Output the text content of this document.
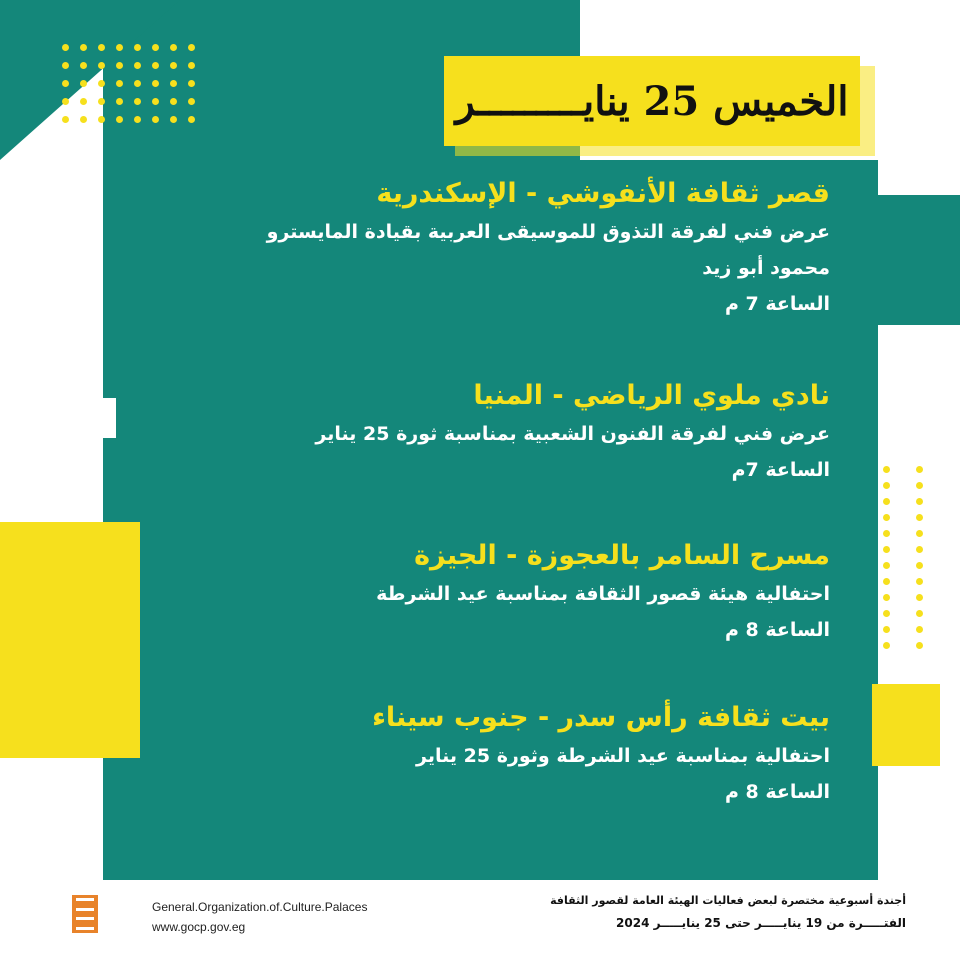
الخميس 25 ينايـــــــــر
قصر ثقافة الأنفوشي - الإسكندرية
عرض فني لفرقة التذوق للموسيقى العربية بقيادة المايسترو
محمود أبو زيد
الساعة 7 م
نادي ملوي الرياضي - المنيا
عرض فني لفرقة الفنون الشعبية بمناسبة ثورة 25 يناير
الساعة 7م
مسرح السامر بالعجوزة - الجيزة
احتفالية هيئة قصور الثقافة بمناسبة عيد الشرطة
الساعة 8 م
بيت ثقافة رأس سدر - جنوب سيناء
احتفالية بمناسبة عيد الشرطة وثورة 25 يناير
الساعة 8 م
General.Organization.of.Culture.Palaces
www.gocp.gov.eg
أجندة أسبوعية مختصرة لبعض فعاليات الهيئة العامة لقصور الثقافة
الفتـــــرة من 19 ينايـــــر حتى 25 ينايـــــر 2024
